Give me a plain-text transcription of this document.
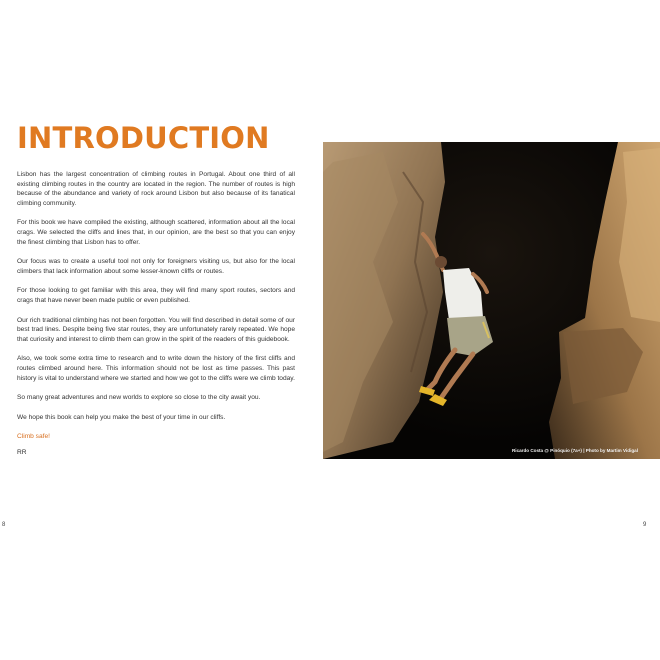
INTRODUCTION

Lisbon has the largest concentration of climbing routes in Portugal. About one third of all existing climbing routes in the country are located in the region. The number of routes is high because of the abundance and variety of rock around Lisbon but also because of its fanatical climbing community.

For this book we have compiled the existing, although scattered, information about all the local crags. We selected the cliffs and lines that, in our opinion, are the best so that you can enjoy the finest climbing that Lisbon has to offer.

Our focus was to create a useful tool not only for foreigners visiting us, but also for the local climbers that lack information about some lesser-known cliffs or routes.

For those looking to get familiar with this area, they will find many sport routes, sectors and crags that have never been made public or even published.

Our rich traditional climbing has not been forgotten. You will find described in detail some of our best trad lines. Despite being five star routes, they are unfortunately rarely repeated. We hope that curiosity and interest to climb them can grow in the spirit of the readers of this guidebook.

Also, we took some extra time to research and to write down the history of the first cliffs and routes climbed around here. This information should not be lost as time passes. This past history is vital to understand where we started and how we got to the cliffs were we climb today.

So many great adventures and new worlds to explore so close to the city await you.

We hope this book can help you make the best of your time in our cliffs.

Climb safe!

RR	Ricardo Costa @ Pinóquio (7a+) | Photo by Martim Vidigal
8	9
